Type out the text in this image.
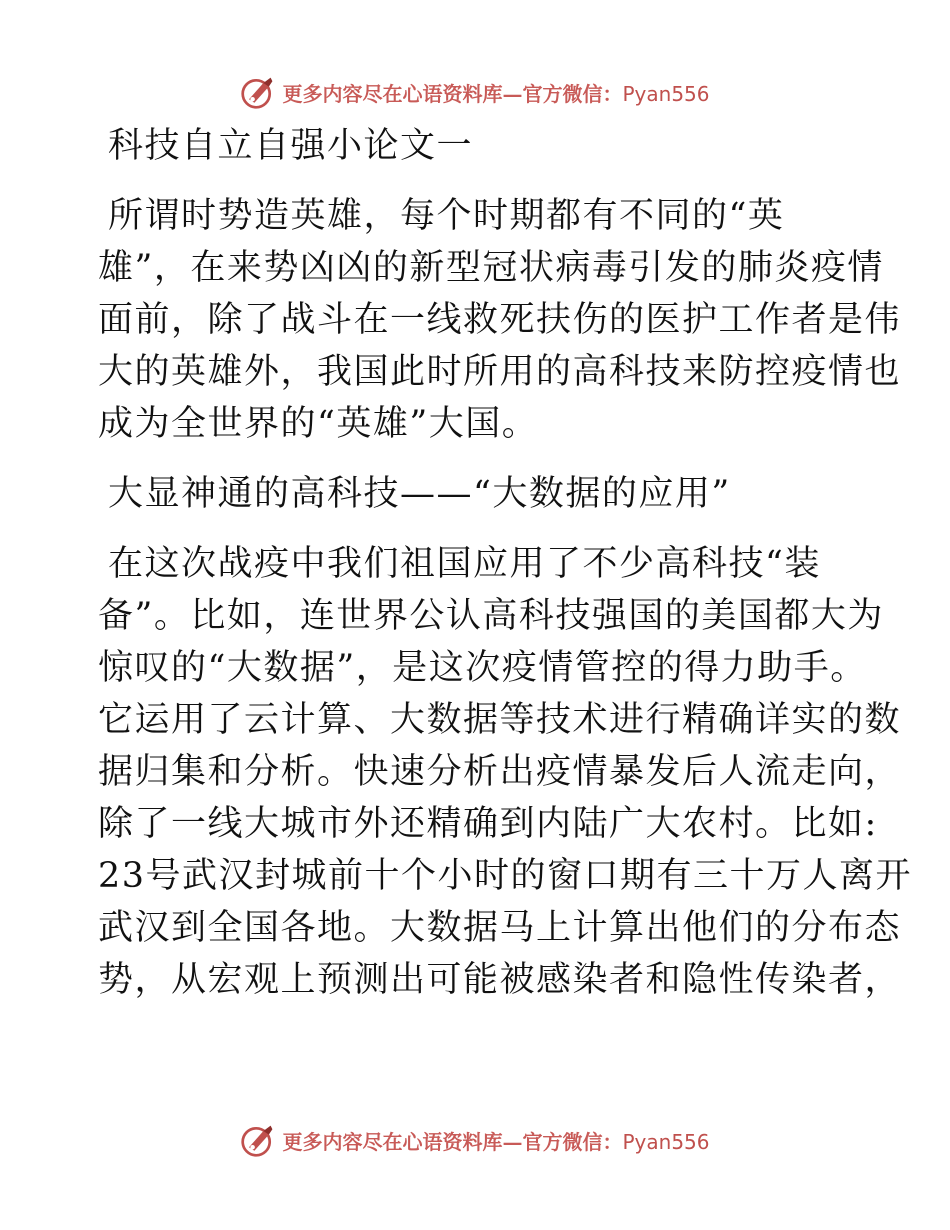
更多内容尽在心语资料库—官方微信：Pyan556
科技自立自强小论文一
所谓时势造英雄，每个时期都有不同的“英
雄”，在来势凶凶的新型冠状病毒引发的肺炎疫情
面前，除了战斗在一线救死扶伤的医护工作者是伟
大的英雄外，我国此时所用的高科技来防控疫情也
成为全世界的“英雄”大国。
大显神通的高科技——“大数据的应用”
在这次战疫中我们祖国应用了不少高科技“装
备”。比如，连世界公认高科技强国的美国都大为
惊叹的“大数据”，是这次疫情管控的得力助手。
它运用了云计算、大数据等技术进行精确详实的数
据归集和分析。快速分析出疫情暴发后人流走向，
除了一线大城市外还精确到内陆广大农村。比如:
23号武汉封城前十个小时的窗口期有三十万人离开
武汉到全国各地。大数据马上计算出他们的分布态
势，从宏观上预测出可能被感染者和隐性传染者，
更多内容尽在心语资料库—官方微信：Pyan556
